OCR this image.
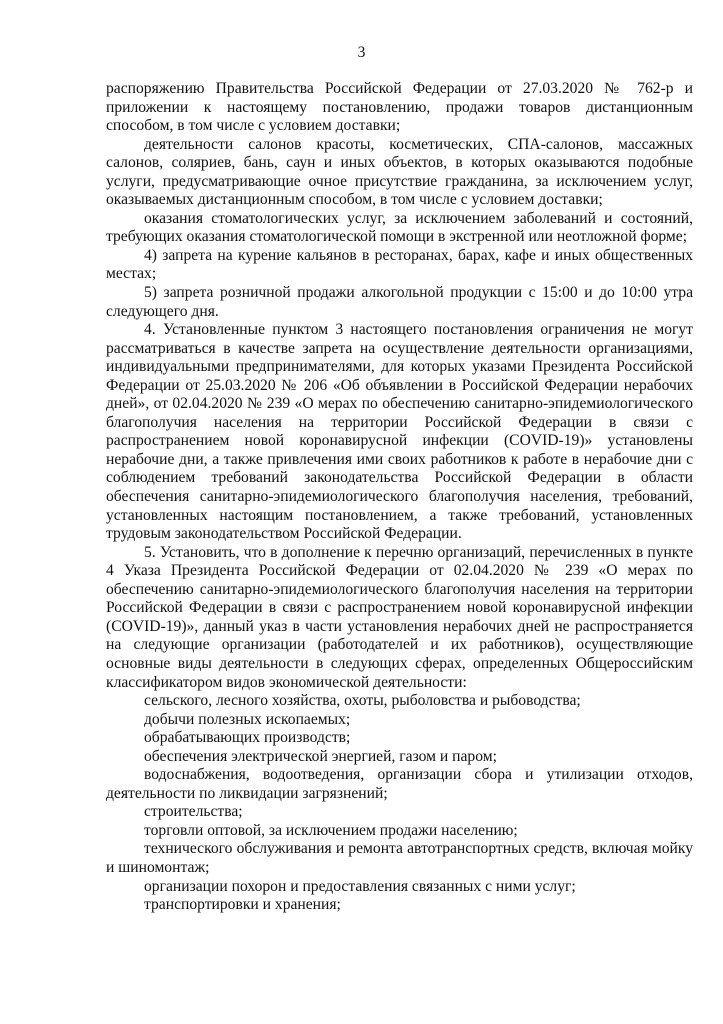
3

распоряжению Правительства Российской Федерации от 27.03.2020 № 762-р и приложении к настоящему постановлению, продажи товаров дистанционным способом, в том числе с условием доставки;

деятельности салонов красоты, косметических, СПА-салонов, массажных салонов, соляриев, бань, саун и иных объектов, в которых оказываются подобные услуги, предусматривающие очное присутствие гражданина, за исключением услуг, оказываемых дистанционным способом, в том числе с условием доставки;

оказания стоматологических услуг, за исключением заболеваний и состояний, требующих оказания стоматологической помощи в экстренной или неотложной форме;

4) запрета на курение кальянов в ресторанах, барах, кафе и иных общественных местах;

5) запрета розничной продажи алкогольной продукции с 15:00 и до 10:00 утра следующего дня.

4. Установленные пунктом 3 настоящего постановления ограничения не могут рассматриваться в качестве запрета на осуществление деятельности организациями, индивидуальными предпринимателями, для которых указами Президента Российской Федерации от 25.03.2020 № 206 «Об объявлении в Российской Федерации нерабочих дней», от 02.04.2020 № 239 «О мерах по обеспечению санитарно-эпидемиологического благополучия населения на территории Российской Федерации в связи с распространением новой коронавирусной инфекции (COVID-19)» установлены нерабочие дни, а также привлечения ими своих работников к работе в нерабочие дни с соблюдением требований законодательства Российской Федерации в области обеспечения санитарно-эпидемиологического благополучия населения, требований, установленных настоящим постановлением, а также требований, установленных трудовым законодательством Российской Федерации.

5. Установить, что в дополнение к перечню организаций, перечисленных в пункте 4 Указа Президента Российской Федерации от 02.04.2020 № 239 «О мерах по обеспечению санитарно-эпидемиологического благополучия населения на территории Российской Федерации в связи с распространением новой коронавирусной инфекции (COVID-19)», данный указ в части установления нерабочих дней не распространяется на следующие организации (работодателей и их работников), осуществляющие основные виды деятельности в следующих сферах, определенных Общероссийским классификатором видов экономической деятельности:

сельского, лесного хозяйства, охоты, рыболовства и рыбоводства;

добычи полезных ископаемых;

обрабатывающих производств;

обеспечения электрической энергией, газом и паром;

водоснабжения, водоотведения, организации сбора и утилизации отходов, деятельности по ликвидации загрязнений;

строительства;

торговли оптовой, за исключением продажи населению;

технического обслуживания и ремонта автотранспортных средств, включая мойку и шиномонтаж;

организации похорон и предоставления связанных с ними услуг;

транспортировки и хранения;
